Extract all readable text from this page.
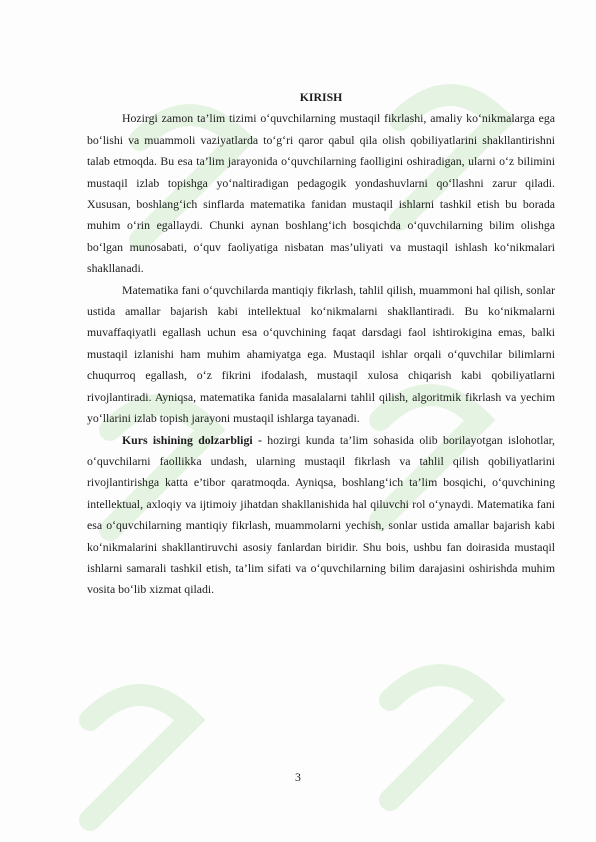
KIRISH

Hozirgi zamon ta’lim tizimi o‘quvchilarning mustaqil fikrlashi, amaliy ko‘nikmalarga ega bo‘lishi va muammoli vaziyatlarda to‘g‘ri qaror qabul qila olish qobiliyatlarini shakllantirishni talab etmoqda. Bu esa ta’lim jarayonida o‘quvchilarning faolligini oshiradigan, ularni o‘z bilimini mustaqil izlab topishga yo‘naltiradigan pedagogik yondashuvlarni qo‘llashni zarur qiladi. Xususan, boshlang‘ich sinflarda matematika fanidan mustaqil ishlarni tashkil etish bu borada muhim o‘rin egallaydi. Chunki aynan boshlang‘ich bosqichda o‘quvchilarning bilim olishga bo‘lgan munosabati, o‘quv faoliyatiga nisbatan mas’uliyati va mustaqil ishlash ko‘nikmalari shakllanadi.

Matematika fani o‘quvchilarda mantiqiy fikrlash, tahlil qilish, muammoni hal qilish, sonlar ustida amallar bajarish kabi intellektual ko‘nikmalarni shakllantiradi. Bu ko‘nikmalarni muvaffaqiyatli egallash uchun esa o‘quvchining faqat darsdagi faol ishtirokigina emas, balki mustaqil izlanishi ham muhim ahamiyatga ega. Mustaqil ishlar orqali o‘quvchilar bilimlarni chuqurroq egallash, o‘z fikrini ifodalash, mustaqil xulosa chiqarish kabi qobiliyatlarni rivojlantiradi. Ayniqsa, matematika fanida masalalarni tahlil qilish, algoritmik fikrlash va yechim yo‘llarini izlab topish jarayoni mustaqil ishlarga tayanadi.

Kurs ishining dolzarbligi - hozirgi kunda ta’lim sohasida olib borilayotgan islohotlar, o‘quvchilarni faollikka undash, ularning mustaqil fikrlash va tahlil qilish qobiliyatlarini rivojlantirishga katta e’tibor qaratmoqda. Ayniqsa, boshlang‘ich ta’lim bosqichi, o‘quvchining intellektual, axloqiy va ijtimoiy jihatdan shakllanishida hal qiluvchi rol o‘ynaydi. Matematika fani esa o‘quvchilarning mantiqiy fikrlash, muammolarni yechish, sonlar ustida amallar bajarish kabi ko‘nikmalarini shakllantiruvchi asosiy fanlardan biridir. Shu bois, ushbu fan doirasida mustaqil ishlarni samarali tashkil etish, ta’lim sifati va o‘quvchilarning bilim darajasini oshirishda muhim vosita bo‘lib xizmat qiladi.

3
